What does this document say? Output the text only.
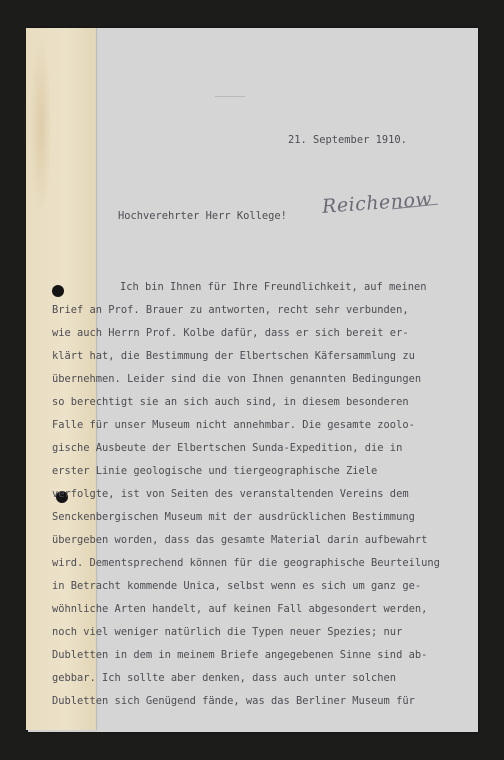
21. September 1910.
Hochverehrter Herr Kollege! Reichenow
Ich bin Ihnen für Ihre Freundlichkeit, auf meinen
Brief an Prof. Brauer zu antworten, recht sehr verbunden,
wie auch Herrn Prof. Kolbe dafür, dass er sich bereit er-
klärt hat, die Bestimmung der Elbertschen Käfersammlung zu
übernehmen. Leider sind die von Ihnen genannten Bedingungen
so berechtigt sie an sich auch sind, in diesem besonderen
Falle für unser Museum nicht annehmbar. Die gesamte zoolo-
gische Ausbeute der Elbertschen Sunda-Expedition, die in
erster Linie geologische und tiergeographische Ziele
verfolgte, ist von Seiten des veranstaltenden Vereins dem
Senckenbergischen Museum mit der ausdrücklichen Bestimmung
übergeben worden, dass das gesamte Material darin aufbewahrt
wird. Dementsprechend können für die geographische Beurteilung
in Betracht kommende Unica, selbst wenn es sich um ganz ge-
wöhnliche Arten handelt, auf keinen Fall abgesondert werden,
noch viel weniger natürlich die Typen neuer Spezies; nur
Dubletten in dem in meinem Briefe angegebenen Sinne sind ab-
gebbar. Ich sollte aber denken, dass auch unter solchen
Dubletten sich Genügend fände, was das Berliner Museum für
